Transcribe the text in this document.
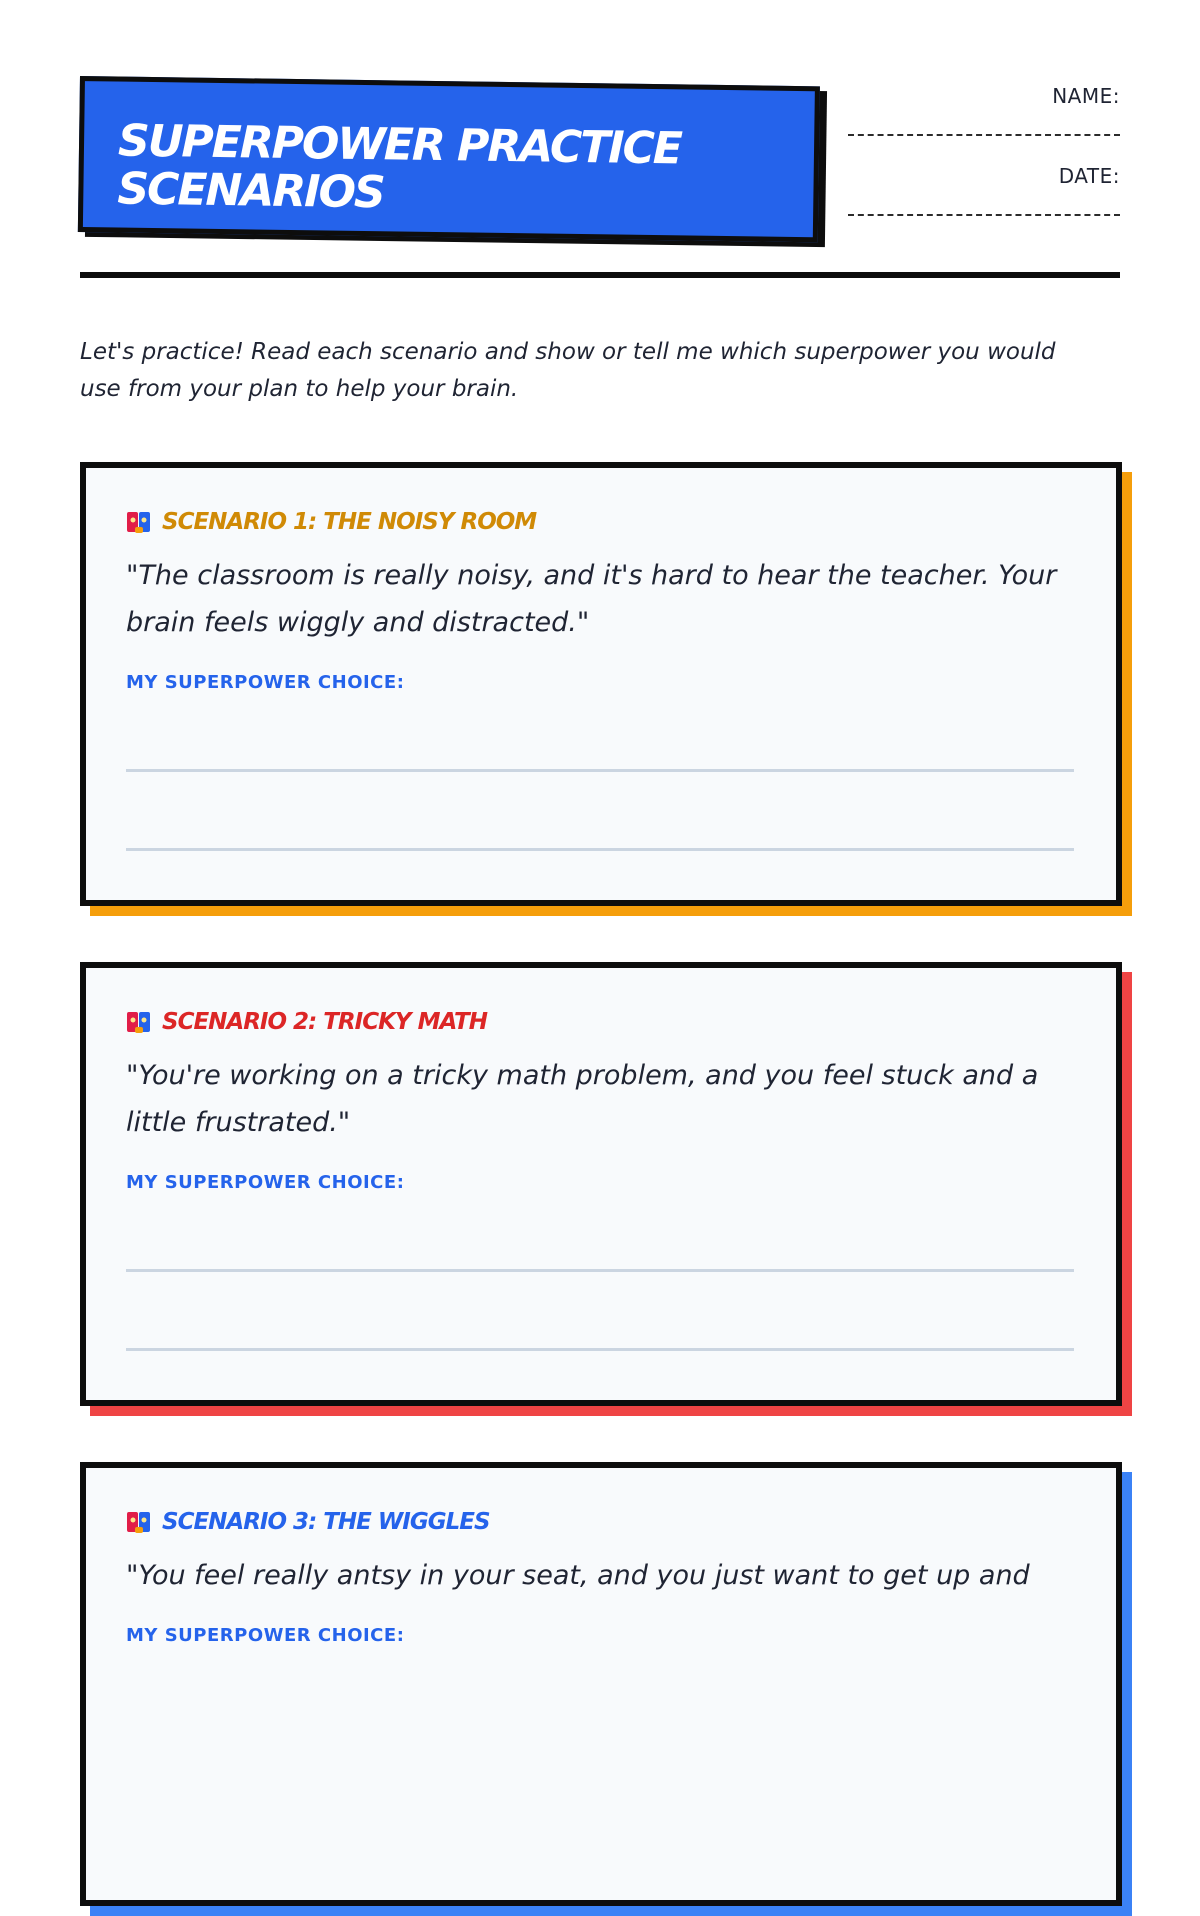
SUPERPOWER PRACTICE
SCENARIOS
NAME:
DATE:

Let's practice! Read each scenario and show or tell me which superpower you would use from your plan to help your brain.

SCENARIO 1: THE NOISY ROOM

"The classroom is really noisy, and it's hard to hear the teacher. Your brain feels wiggly and distracted."

MY SUPERPOWER CHOICE:
SCENARIO 2: TRICKY MATH

"You're working on a tricky math problem, and you feel stuck and a little frustrated."

MY SUPERPOWER CHOICE:
SCENARIO 3: THE WIGGLES

"You feel really antsy in your seat, and you just want to get up and

MY SUPERPOWER CHOICE:
